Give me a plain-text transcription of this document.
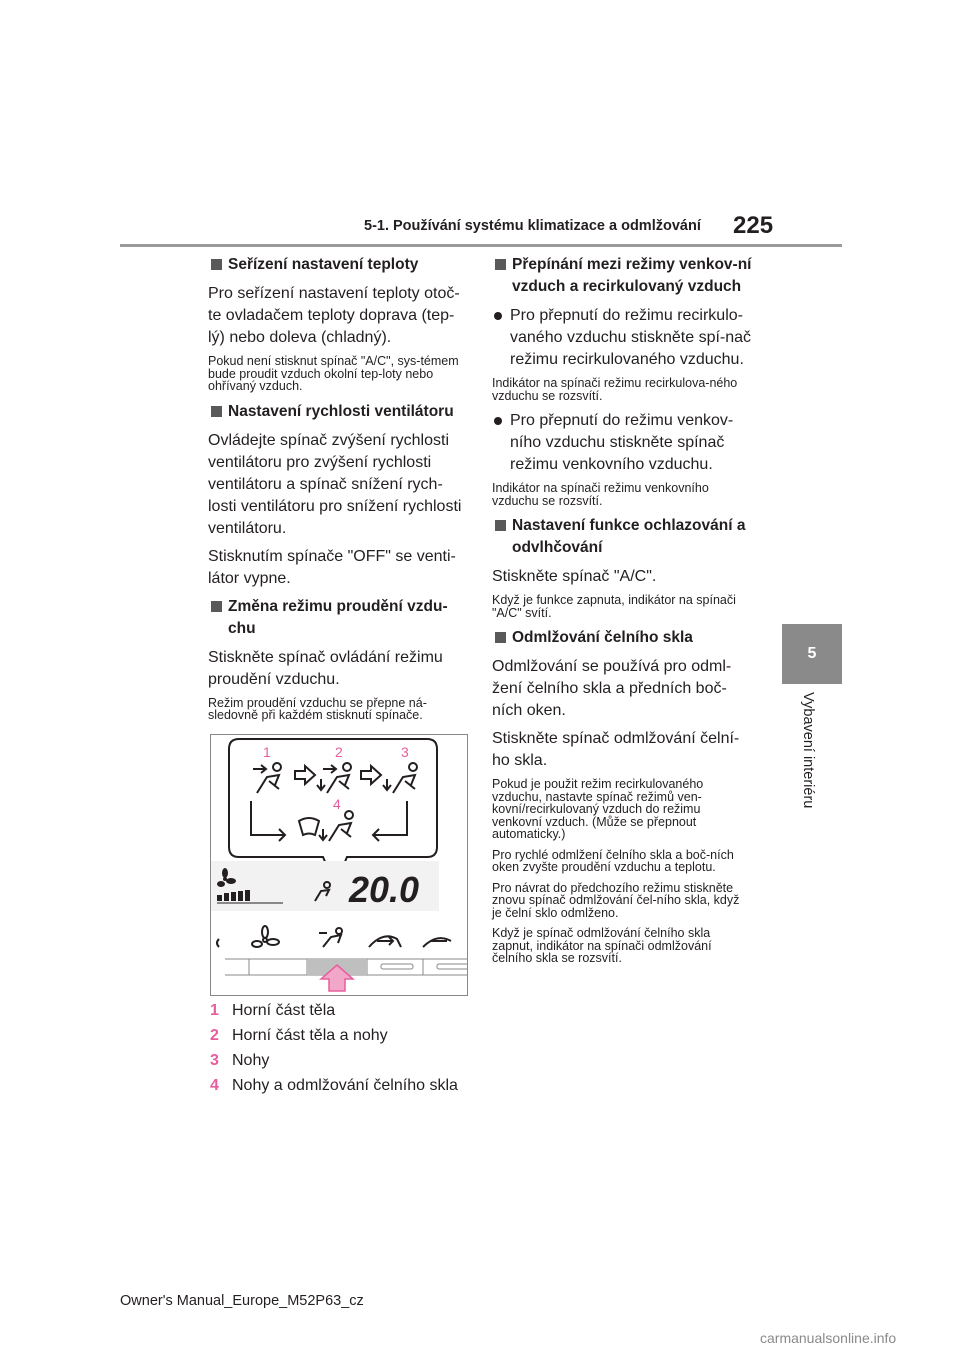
5-1. Používání systému klimatizace a odmlžování 225
5
Vybavení interiéru
Seřízení nastavení teploty
Pro seřízení nastavení teploty otoč-te ovladačem teploty doprava (tep-lý) nebo doleva (chladný).
Pokud není stisknut spínač "A/C", sys-témem bude proudit vzduch okolní tep-loty nebo ohřívaný vzduch.
Nastavení rychlosti ventilátoru
Ovládejte spínač zvýšení rychlosti ventilátoru pro zvýšení rychlosti ventilátoru a spínač snížení rych-losti ventilátoru pro snížení rychlosti ventilátoru.
Stisknutím spínače "OFF" se venti-látor vypne.
Změna režimu proudění vzdu-chu
Stiskněte spínač ovládání režimu proudění vzduchu.
Režim proudění vzduchu se přepne ná-sledovně při každém stisknutí spínače.
1	2	3
4
20.0
1 Horní část těla
2 Horní část těla a nohy
3 Nohy
4 Nohy a odmlžování čelního skla
Přepínání mezi režimy venkov-ní vzduch a recirkulovaný vzduch
Pro přepnutí do režimu recirkulo-vaného vzduchu stiskněte spí-nač režimu recirkulovaného vzduchu.
Indikátor na spínači režimu recirkulova-ného vzduchu se rozsvítí.
Pro přepnutí do režimu venkov-ního vzduchu stiskněte spínač režimu venkovního vzduchu.
Indikátor na spínači režimu venkovního vzduchu se rozsvítí.
Nastavení funkce ochlazování a odvlhčování
Stiskněte spínač "A/C".
Když je funkce zapnuta, indikátor na spínači "A/C" svítí.
Odmlžování čelního skla
Odmlžování se používá pro odml-žení čelního skla a předních boč-ních oken.
Stiskněte spínač odmlžování čelní-ho skla.
Pokud je použit režim recirkulovaného vzduchu, nastavte spínač režimů ven-kovní/recirkulovaný vzduch do režimu venkovní vzduch. (Může se přepnout automaticky.)
Pro rychlé odmlžení čelního skla a boč-ních oken zvyšte proudění vzduchu a teplotu.
Pro návrat do předchozího režimu stiskněte znovu spínač odmlžování čel-ního skla, když je čelní sklo odmlženo.
Když je spínač odmlžování čelního skla zapnut, indikátor na spínači odmlžování čelního skla se rozsvítí.
Owner's Manual_Europe_M52P63_cz
carmanualsonline.info
